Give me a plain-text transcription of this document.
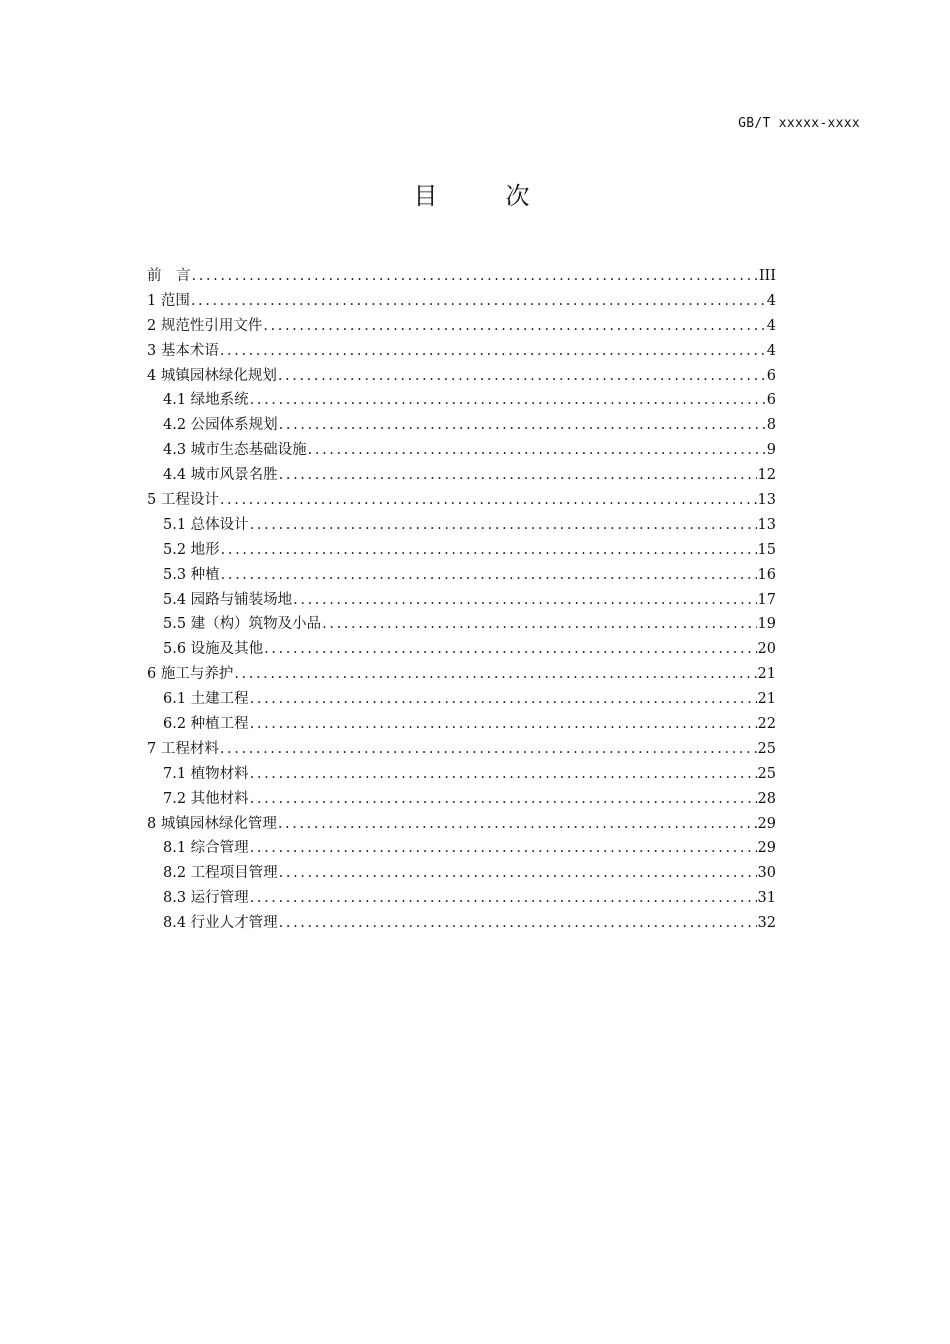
GB/T xxxxx-xxxx
目　次
前　言 .....	III
1 范围 .....	4
2 规范性引用文件 .....	4
3 基本术语 .....	4
4 城镇园林绿化规划 .....	6
4.1 绿地系统 .....	6
4.2 公园体系规划 .....	8
4.3 城市生态基础设施 .....	9
4.4 城市风景名胜 .....	12
5 工程设计 .....	13
5.1 总体设计 .....	13
5.2 地形 .....	15
5.3 种植 .....	16
5.4 园路与铺装场地 .....	17
5.5 建（构）筑物及小品 .....	19
5.6 设施及其他 .....	20
6 施工与养护 .....	21
6.1 土建工程 .....	21
6.2 种植工程 .....	22
7 工程材料 .....	25
7.1 植物材料 .....	25
7.2 其他材料 .....	28
8 城镇园林绿化管理 .....	29
8.1 综合管理 .....	29
8.2 工程项目管理 .....	30
8.3 运行管理 .....	31
8.4 行业人才管理 .....	32
